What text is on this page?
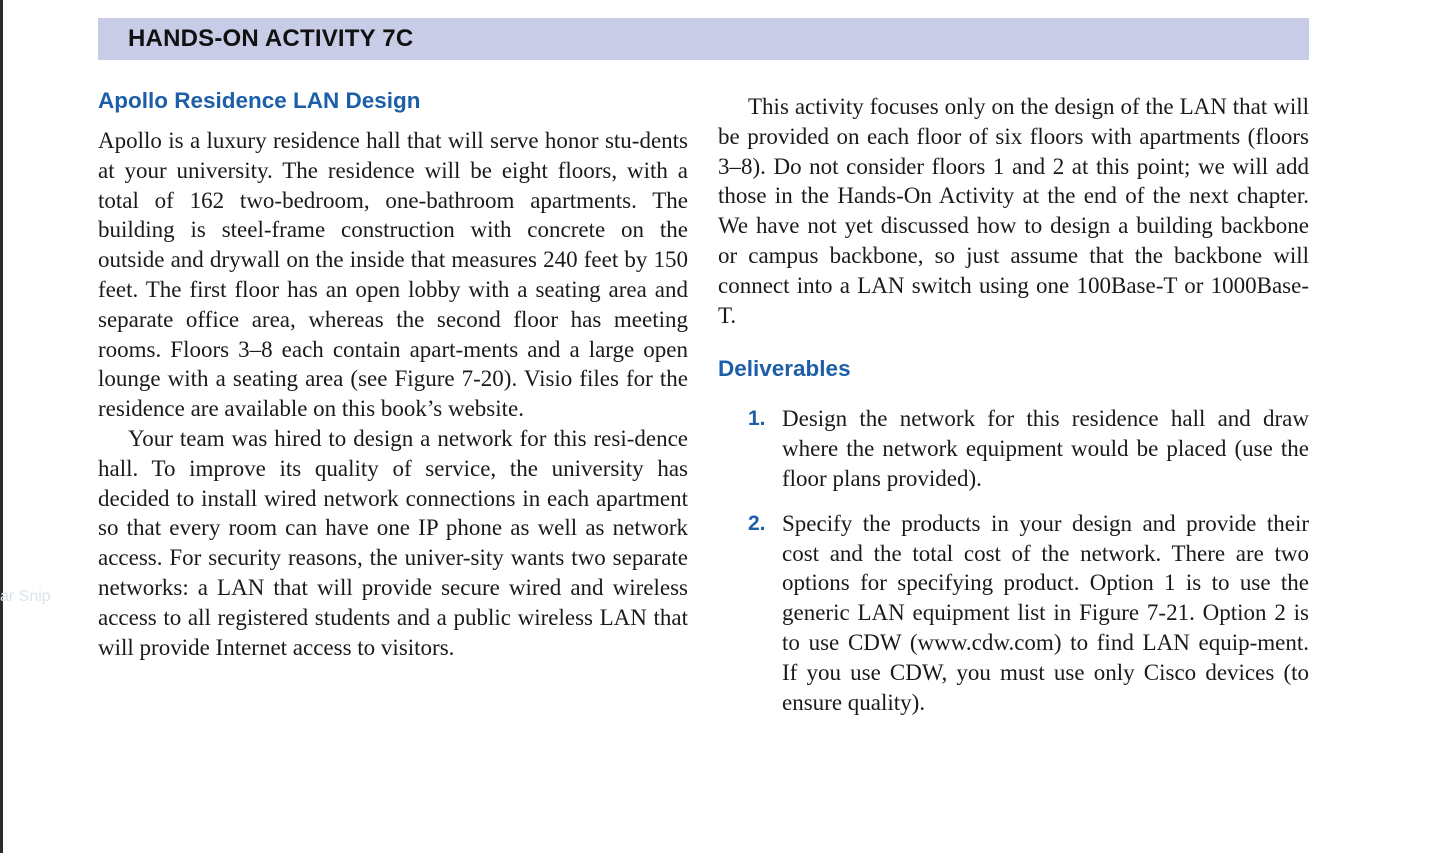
HANDS-ON ACTIVITY 7C
Apollo Residence LAN Design

Apollo is a luxury residence hall that will serve honor stu-dents at your university. The residence will be eight floors, with a total of 162 two-bedroom, one-bathroom apartments. The building is steel-frame construction with concrete on the outside and drywall on the inside that measures 240 feet by 150 feet. The first floor has an open lobby with a seating area and separate office area, whereas the second floor has meeting rooms. Floors 3–8 each contain apart-ments and a large open lounge with a seating area (see Figure 7-20). Visio files for the residence are available on this book’s website.

Your team was hired to design a network for this resi-dence hall. To improve its quality of service, the university has decided to install wired network connections in each apartment so that every room can have one IP phone as well as network access. For security reasons, the univer-sity wants two separate networks: a LAN that will provide secure wired and wireless access to all registered students and a public wireless LAN that will provide Internet access to visitors.

This activity focuses only on the design of the LAN that will be provided on each floor of six floors with apartments (floors 3–8). Do not consider floors 1 and 2 at this point; we will add those in the Hands-On Activity at the end of the next chapter. We have not yet discussed how to design a building backbone or campus backbone, so just assume that the backbone will connect into a LAN switch using one 100Base-T or 1000Base-T.

Deliverables
1. Design the network for this residence hall and draw where the network equipment would be placed (use the floor plans provided).

2. Specify the products in your design and provide their cost and the total cost of the network. There are two options for specifying product. Option 1 is to use the generic LAN equipment list in Figure 7-21. Option 2 is to use CDW (www.cdw.com) to find LAN equip-ment. If you use CDW, you must use only Cisco devices (to ensure quality).

ar Snip
